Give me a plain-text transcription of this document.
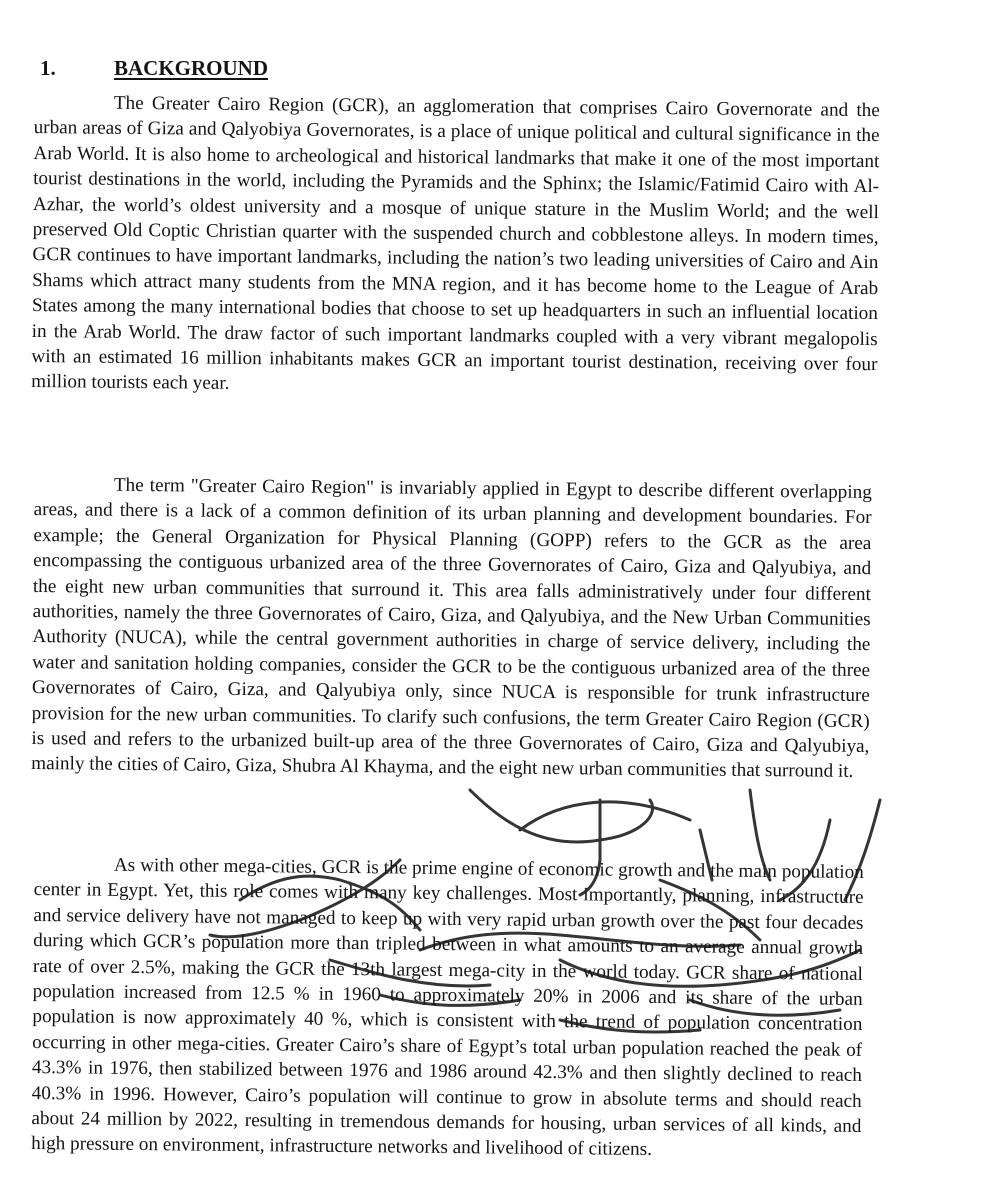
1.	BACKGROUND

The Greater Cairo Region (GCR), an agglomeration that comprises Cairo Governorate and the urban areas of Giza and Qalyobiya Governorates, is a place of unique political and cultural significance in the Arab World. It is also home to archeological and historical landmarks that make it one of the most important tourist destinations in the world, including the Pyramids and the Sphinx; the Islamic/Fatimid Cairo with Al-Azhar, the world’s oldest university and a mosque of unique stature in the Muslim World; and the well preserved Old Coptic Christian quarter with the suspended church and cobblestone alleys. In modern times, GCR continues to have important landmarks, including the nation’s two leading universities of Cairo and Ain Shams which attract many students from the MNA region, and it has become home to the League of Arab States among the many international bodies that choose to set up headquarters in such an influential location in the Arab World. The draw factor of such important landmarks coupled with a very vibrant megalopolis with an estimated 16 million inhabitants makes GCR an important tourist destination, receiving over four million tourists each year.

The term "Greater Cairo Region" is invariably applied in Egypt to describe different overlapping areas, and there is a lack of a common definition of its urban planning and development boundaries. For example; the General Organization for Physical Planning (GOPP) refers to the GCR as the area encompassing the contiguous urbanized area of the three Governorates of Cairo, Giza and Qalyubiya, and the eight new urban communities that surround it. This area falls administratively under four different authorities, namely the three Governorates of Cairo, Giza, and Qalyubiya, and the New Urban Communities Authority (NUCA), while the central government authorities in charge of service delivery, including the water and sanitation holding companies, consider the GCR to be the contiguous urbanized area of the three Governorates of Cairo, Giza, and Qalyubiya only, since NUCA is responsible for trunk infrastructure provision for the new urban communities. To clarify such confusions, the term Greater Cairo Region (GCR) is used and refers to the urbanized built-up area of the three Governorates of Cairo, Giza and Qalyubiya, mainly the cities of Cairo, Giza, Shubra Al Khayma, and the eight new urban communities that surround it.

As with other mega-cities, GCR is the prime engine of economic growth and the main population center in Egypt. Yet, this role comes with many key challenges. Most importantly, planning, infrastructure and service delivery have not managed to keep up with very rapid urban growth over the past four decades during which GCR’s population more than tripled between in what amounts to an average annual growth rate of over 2.5%, making the GCR the 13th largest mega-city in the world today. GCR share of national population increased from 12.5 % in 1960 to approximately 20% in 2006 and its share of the urban population is now approximately 40 %, which is consistent with the trend of population concentration occurring in other mega-cities. Greater Cairo’s share of Egypt’s total urban population reached the peak of 43.3% in 1976, then stabilized between 1976 and 1986 around 42.3% and then slightly declined to reach 40.3% in 1996. However, Cairo’s population will continue to grow in absolute terms and should reach about 24 million by 2022, resulting in tremendous demands for housing, urban services of all kinds, and high pressure on environment, infrastructure networks and livelihood of citizens.
